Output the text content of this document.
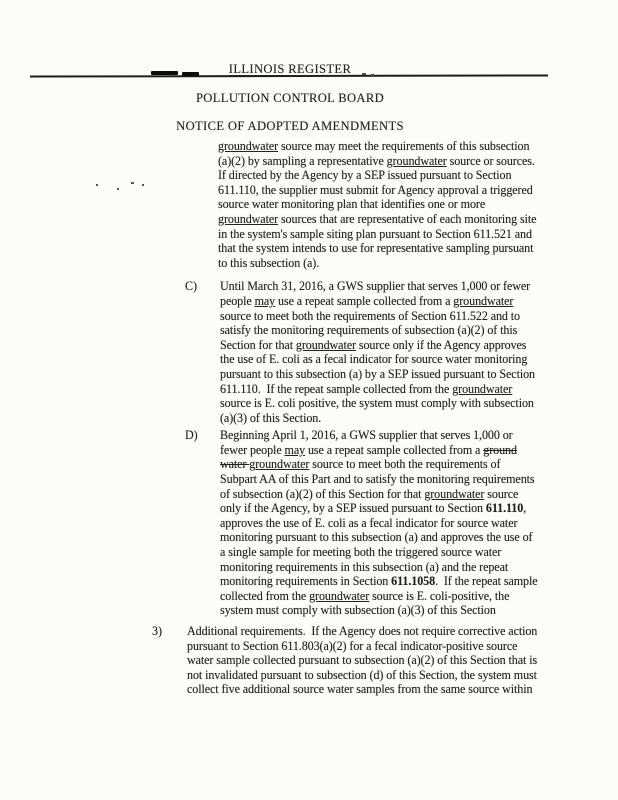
ILLINOIS REGISTER
POLLUTION CONTROL BOARD
NOTICE OF ADOPTED AMENDMENTS
groundwater source may meet the requirements of this subsection
(a)(2) by sampling a representative groundwater source or sources.
If directed by the Agency by a SEP issued pursuant to Section
611.110, the supplier must submit for Agency approval a triggered
source water monitoring plan that identifies one or more
groundwater sources that are representative of each monitoring site
in the system's sample siting plan pursuant to Section 611.521 and
that the system intends to use for representative sampling pursuant
to this subsection (a).
C) Until March 31, 2016, a GWS supplier that serves 1,000 or fewer
people may use a repeat sample collected from a groundwater
source to meet both the requirements of Section 611.522 and to
satisfy the monitoring requirements of subsection (a)(2) of this
Section for that groundwater source only if the Agency approves
the use of E. coli as a fecal indicator for source water monitoring
pursuant to this subsection (a) by a SEP issued pursuant to Section
611.110.  If the repeat sample collected from the groundwater
source is E. coli positive, the system must comply with subsection
(a)(3) of this Section.
D) Beginning April 1, 2016, a GWS supplier that serves 1,000 or
fewer people may use a repeat sample collected from a ground
water groundwater source to meet both the requirements of
Subpart AA of this Part and to satisfy the monitoring requirements
of subsection (a)(2) of this Section for that groundwater source
only if the Agency, by a SEP issued pursuant to Section 611.110,
approves the use of E. coli as a fecal indicator for source water
monitoring pursuant to this subsection (a) and approves the use of
a single sample for meeting both the triggered source water
monitoring requirements in this subsection (a) and the repeat
monitoring requirements in Section 611.1058.  If the repeat sample
collected from the groundwater source is E. coli-positive, the
system must comply with subsection (a)(3) of this Section
3) Additional requirements.  If the Agency does not require corrective action
pursuant to Section 611.803(a)(2) for a fecal indicator-positive source
water sample collected pursuant to subsection (a)(2) of this Section that is
not invalidated pursuant to subsection (d) of this Section, the system must
collect five additional source water samples from the same source within
